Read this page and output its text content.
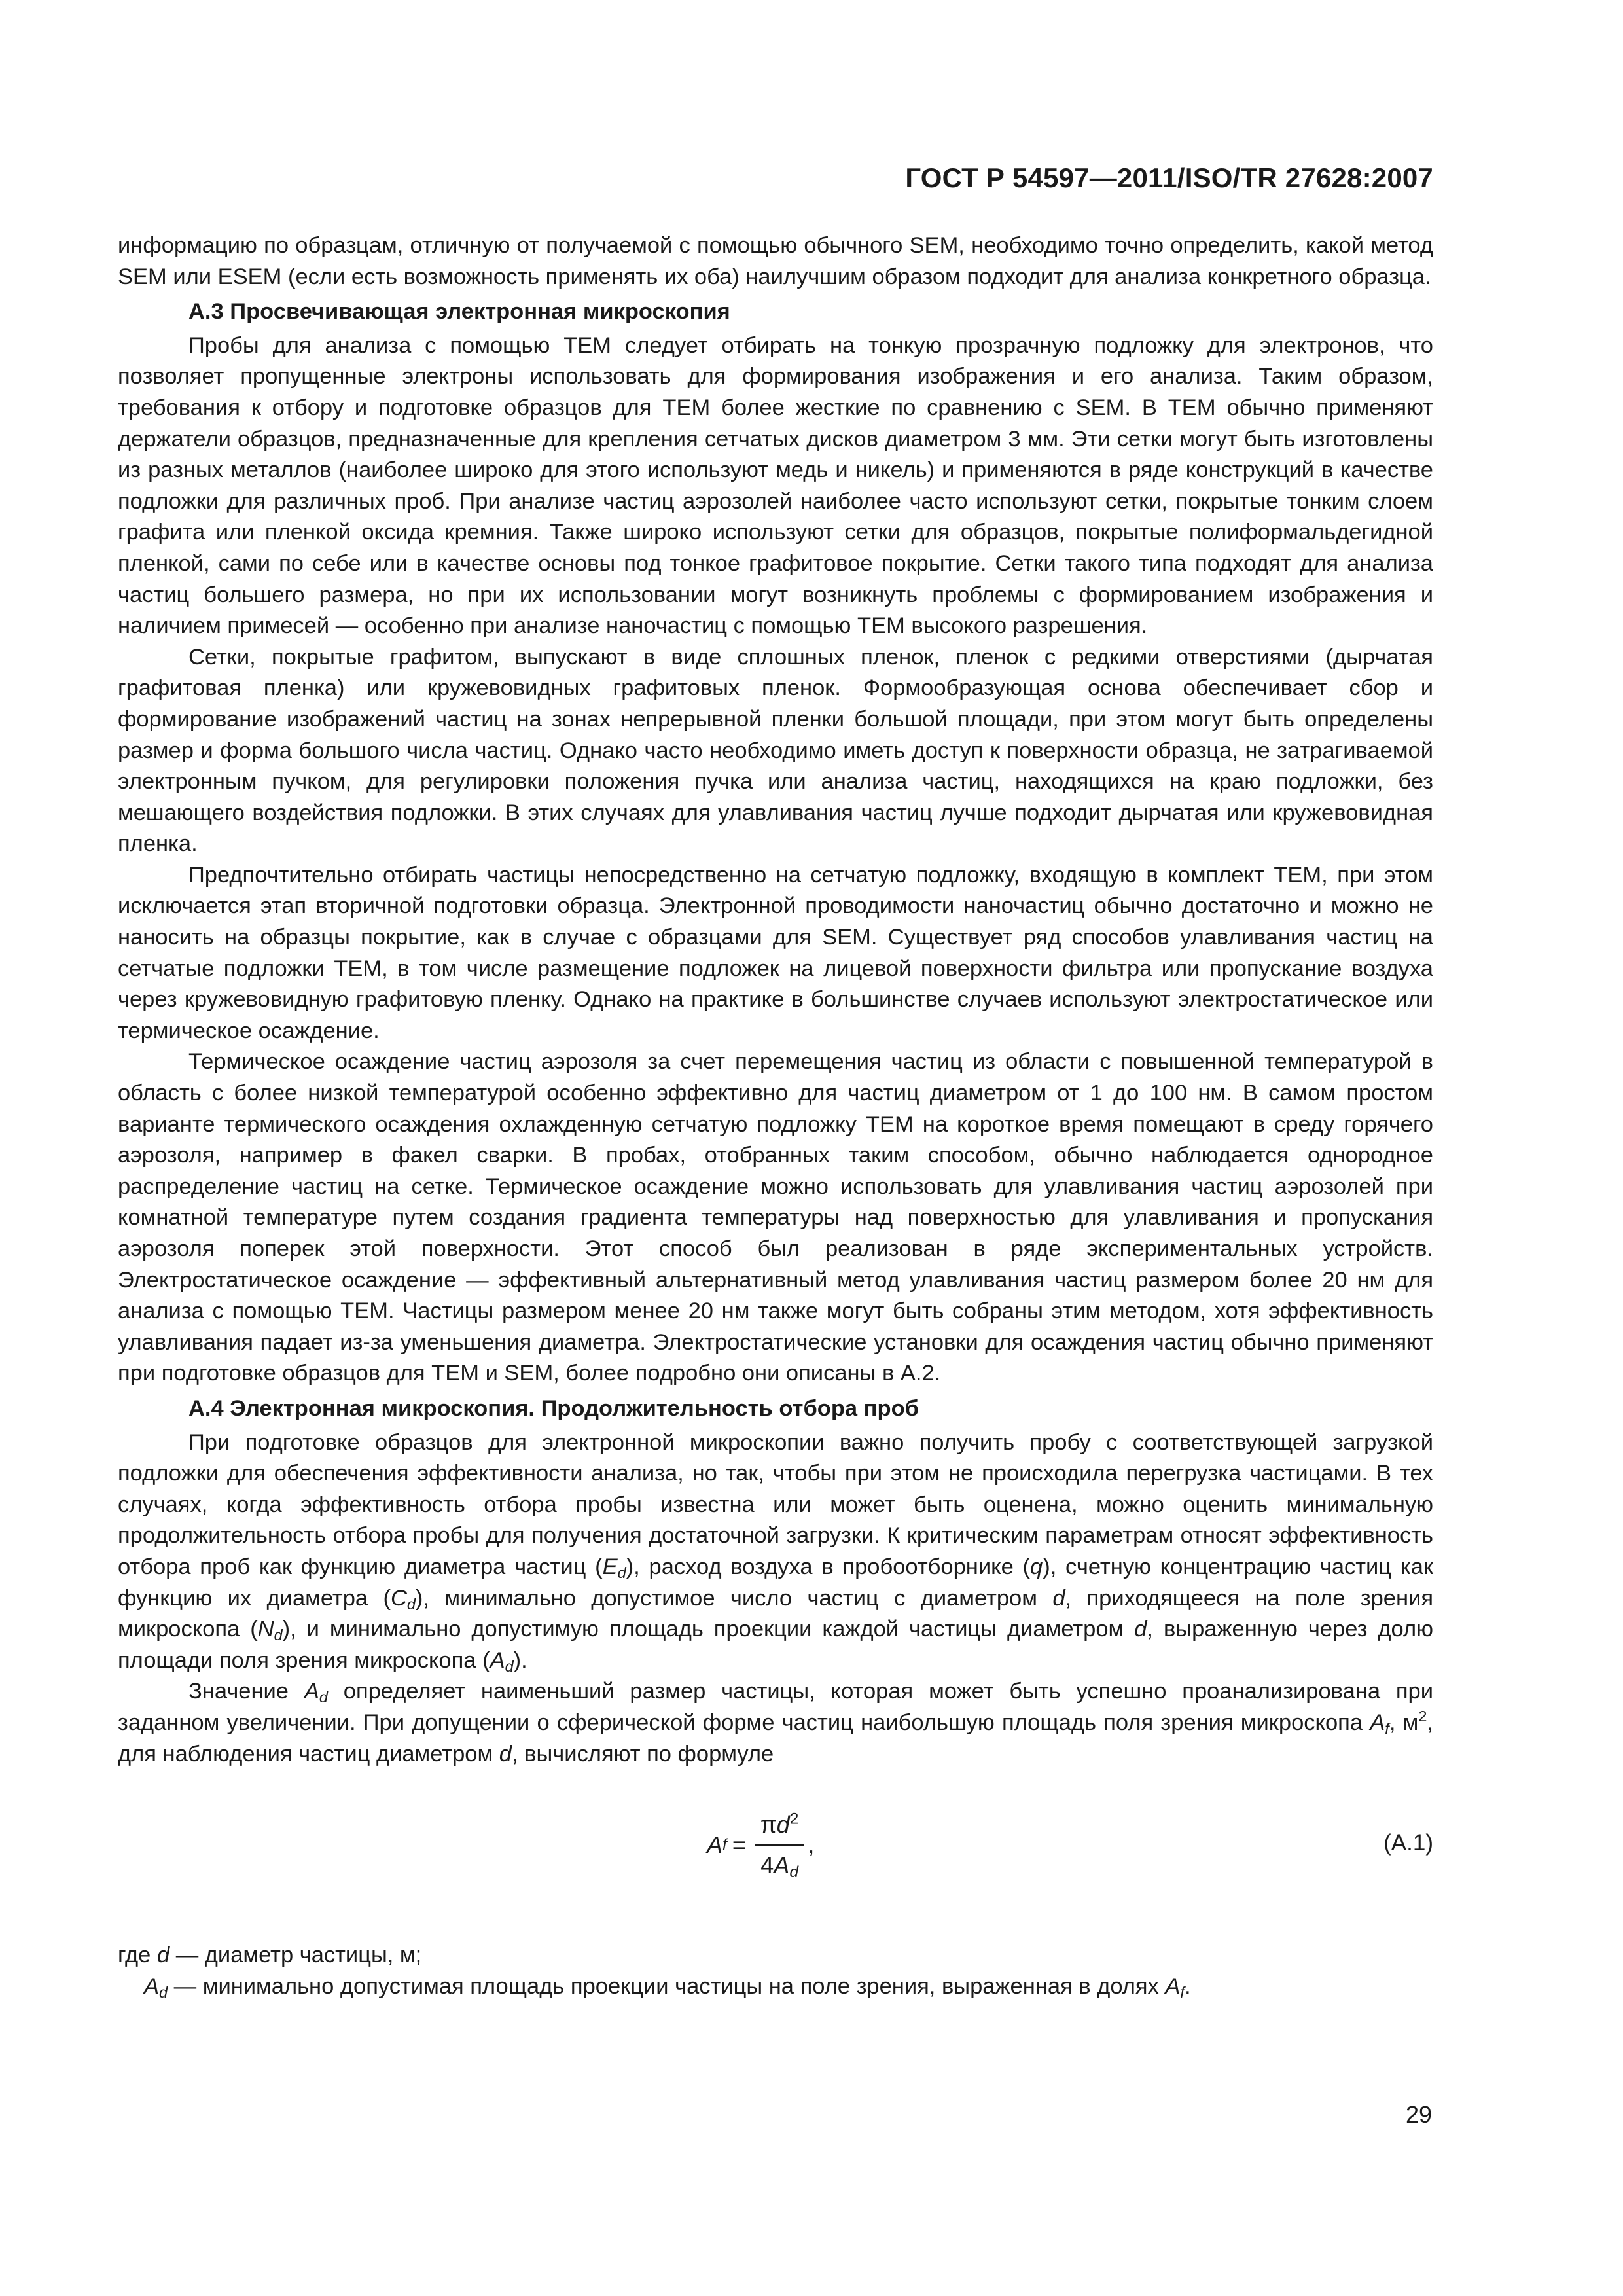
ГОСТ Р 54597—2011/ISO/TR 27628:2007

информацию по образцам, отличную от получаемой с помощью обычного SEM, необходимо точно определить, какой метод SEM или ESEM (если есть возможность применять их оба) наилучшим образом подходит для анализа конкретного образца.

А.3 Просвечивающая электронная микроскопия

Пробы для анализа с помощью ТЕМ следует отбирать на тонкую прозрачную подложку для электронов, что позволяет пропущенные электроны использовать для формирования изображения и его анализа. Таким образом, требования к отбору и подготовке образцов для ТЕМ более жесткие по сравнению с SEM. В ТЕМ обычно применяют держатели образцов, предназначенные для крепления сетчатых дисков диаметром 3 мм. Эти сетки могут быть изготовлены из разных металлов (наиболее широко для этого используют медь и никель) и применяются в ряде конструкций в качестве подложки для различных проб. При анализе частиц аэрозолей наиболее часто используют сетки, покрытые тонким слоем графита или пленкой оксида кремния. Также широко используют сетки для образцов, покрытые полиформальдегидной пленкой, сами по себе или в качестве основы под тонкое графитовое покрытие. Сетки такого типа подходят для анализа частиц большего размера, но при их использовании могут возникнуть проблемы с формированием изображения и наличием примесей — особенно при анализе наночастиц с помощью ТЕМ высокого разрешения.

Сетки, покрытые графитом, выпускают в виде сплошных пленок, пленок с редкими отверстиями (дырчатая графитовая пленка) или кружевовидных графитовых пленок. Формообразующая основа обеспечивает сбор и формирование изображений частиц на зонах непрерывной пленки большой площади, при этом могут быть определены размер и форма большого числа частиц. Однако часто необходимо иметь доступ к поверхности образца, не затрагиваемой электронным пучком, для регулировки положения пучка или анализа частиц, находящихся на краю подложки, без мешающего воздействия подложки. В этих случаях для улавливания частиц лучше подходит дырчатая или кружевовидная пленка.

Предпочтительно отбирать частицы непосредственно на сетчатую подложку, входящую в комплект ТЕМ, при этом исключается этап вторичной подготовки образца. Электронной проводимости наночастиц обычно достаточно и можно не наносить на образцы покрытие, как в случае с образцами для SEM. Существует ряд способов улавливания частиц на сетчатые подложки ТЕМ, в том числе размещение подложек на лицевой поверхности фильтра или пропускание воздуха через кружевовидную графитовую пленку. Однако на практике в большинстве случаев используют электростатическое или термическое осаждение.

Термическое осаждение частиц аэрозоля за счет перемещения частиц из области с повышенной температурой в область с более низкой температурой особенно эффективно для частиц диаметром от 1 до 100 нм. В самом простом варианте термического осаждения охлажденную сетчатую подложку ТЕМ на короткое время помещают в среду горячего аэрозоля, например в факел сварки. В пробах, отобранных таким способом, обычно наблюдается однородное распределение частиц на сетке. Термическое осаждение можно использовать для улавливания частиц аэрозолей при комнатной температуре путем создания градиента температуры над поверхностью для улавливания и пропускания аэрозоля поперек этой поверхности. Этот способ был реализован в ряде экспериментальных устройств. Электростатическое осаждение — эффективный альтернативный метод улавливания частиц размером более 20 нм для анализа с помощью ТЕМ. Частицы размером менее 20 нм также могут быть собраны этим методом, хотя эффективность улавливания падает из-за уменьшения диаметра. Электростатические установки для осаждения частиц обычно применяют при подготовке образцов для ТЕМ и SEM, более подробно они описаны в А.2.

А.4 Электронная микроскопия. Продолжительность отбора проб

При подготовке образцов для электронной микроскопии важно получить пробу с соответствующей загрузкой подложки для обеспечения эффективности анализа, но так, чтобы при этом не происходила перегрузка частицами. В тех случаях, когда эффективность отбора пробы известна или может быть оценена, можно оценить минимальную продолжительность отбора пробы для получения достаточной загрузки. К критическим параметрам относят эффективность отбора проб как функцию диаметра частиц $(E_d)$, расход воздуха в пробоотборнике (q), счетную концентрацию частиц как функцию их диаметра $(C_d)$, минимально допустимое число частиц с диаметром d, приходящееся на поле зрения микроскопа $(N_d)$, и минимально допустимую площадь проекции каждой частицы диаметром d, выраженную через долю площади поля зрения микроскопа $(A_d)$.

Значение $A_d$ определяет наименьший размер частицы, которая может быть успешно проанализирована при заданном увеличении. При допущении о сферической форме частиц наибольшую площадь поля зрения микроскопа $A_f$, $м^2$, для наблюдения частиц диаметром d, вычисляют по формуле

A $f = \frac{\pi d^2}{4A_d}$ ,	(А.1)
где d — диаметр частицы, м;
$A_d$ — минимально допустимая площадь проекции частицы на поле зрения, выраженная в долях $A_f$.
29
